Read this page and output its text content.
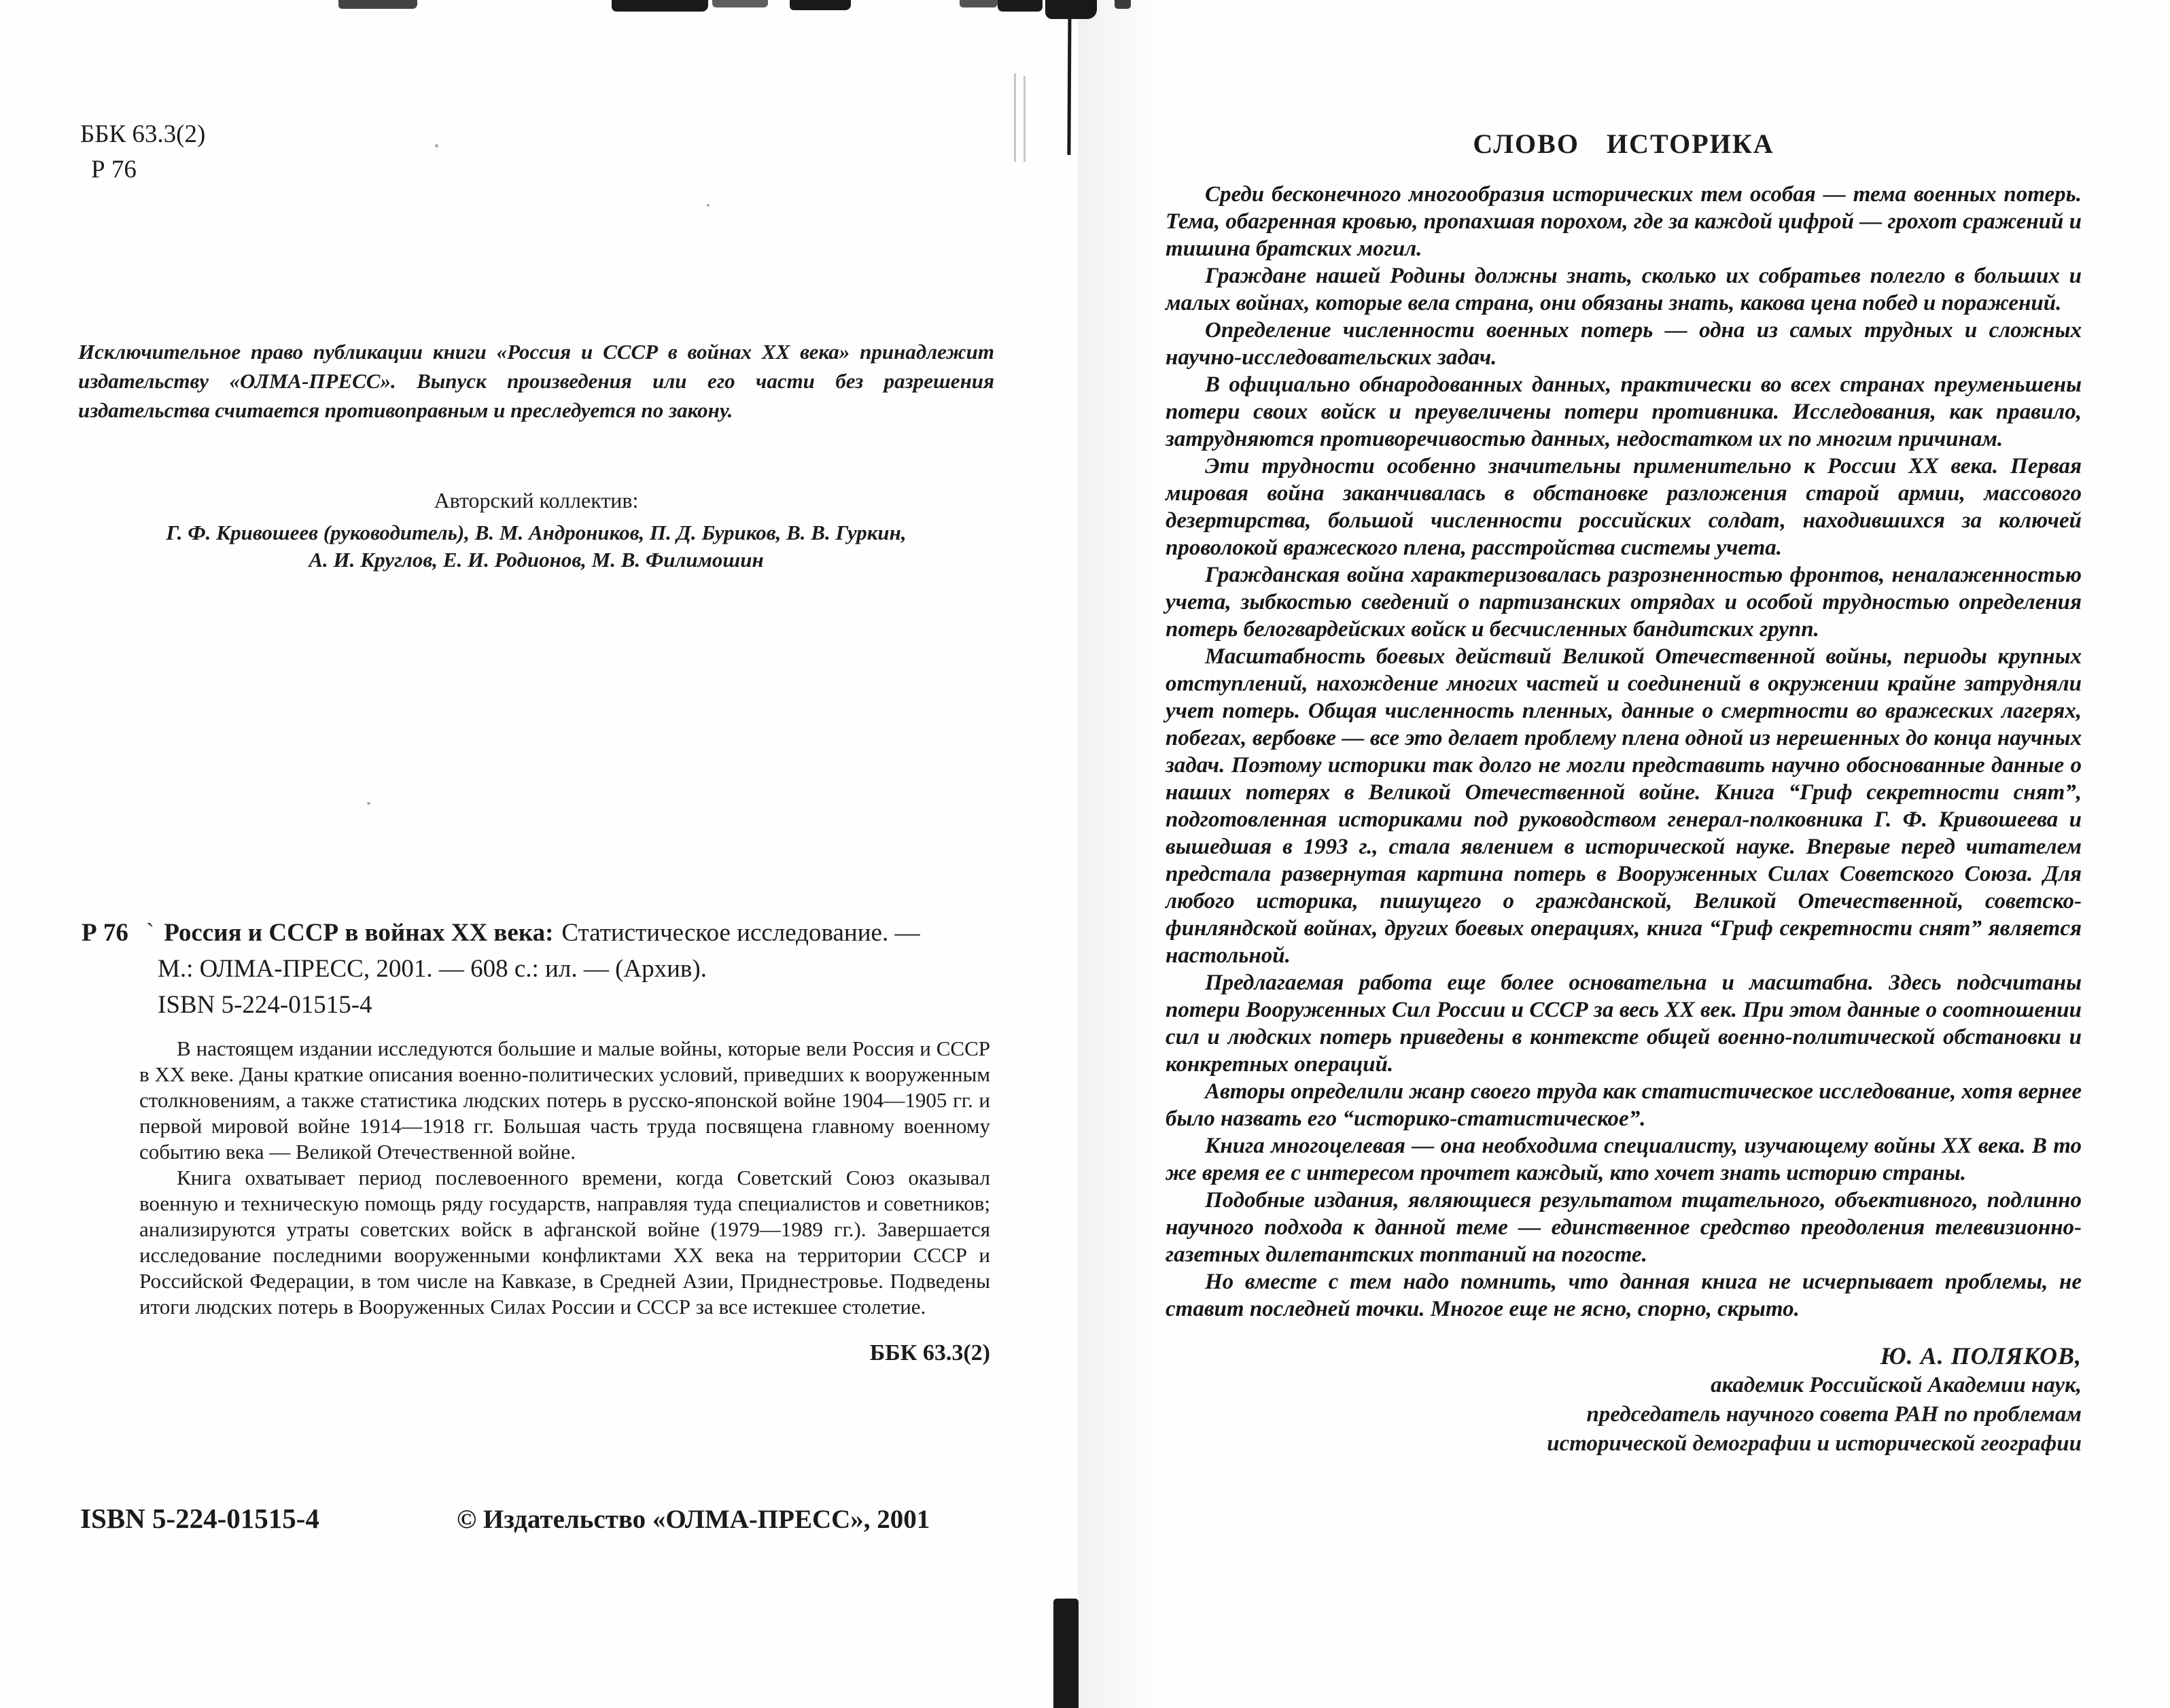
ББК 63.3(2)
Р 76

Исключительное право публикации книги «Россия и СССР в войнах XX века» принадлежит издательству «ОЛМА-ПРЕСС». Выпуск произведения или его части без разрешения издательства считается противоправным и преследуется по закону.

Авторский коллектив:
Г. Ф. Кривошеев (руководитель), В. М. Андроников, П. Д. Буриков, В. В. Гуркин,
А. И. Круглов, Е. И. Родионов, М. В. Филимошин
Р 76 ` Россия и СССР в войнах XX века: Статистическое исследование. —
М.: ОЛМА-ПРЕСС, 2001. — 608 с.: ил. — (Архив).
ISBN 5-224-01515-4

В настоящем издании исследуются большие и малые войны, которые вели Россия и СССР в XX веке. Даны краткие описания военно-политических условий, приведших к вооруженным столкновениям, а также статистика людских потерь в русско-японской войне 1904—1905 гг. и первой мировой войне 1914—1918 гг. Большая часть труда посвящена главному военному событию века — Великой Отечественной войне.

Книга охватывает период послевоенного времени, когда Советский Союз оказывал военную и техническую помощь ряду государств, направляя туда специалистов и советников; анализируются утраты советских войск в афганской войне (1979—1989 гг.). Завершается исследование последними вооруженными конфликтами XX века на территории СССР и Российской Федерации, в том числе на Кавказе, в Средней Азии, Приднестровье. Подведены итоги людских потерь в Вооруженных Силах России и СССР за все истекшее столетие.

ББК 63.3(2)
ISBN 5-224-01515-4	© Издательство «ОЛМА-ПРЕСС», 2001
СЛОВО ИСТОРИКА

Среди бесконечного многообразия исторических тем особая — тема военных потерь. Тема, обагренная кровью, пропахшая порохом, где за каждой цифрой — грохот сражений и тишина братских могил.

Граждане нашей Родины должны знать, сколько их собратьев полегло в больших и малых войнах, которые вела страна, они обязаны знать, какова цена побед и поражений.

Определение численности военных потерь — одна из самых трудных и сложных научно-исследовательских задач.

В официально обнародованных данных, практически во всех странах преуменьшены потери своих войск и преувеличены потери противника. Исследования, как правило, затрудняются противоречивостью данных, недостатком их по многим причинам.

Эти трудности особенно значительны применительно к России XX века. Первая мировая война заканчивалась в обстановке разложения старой армии, массового дезертирства, большой численности российских солдат, находившихся за колючей проволокой вражеского плена, расстройства системы учета.

Гражданская война характеризовалась разрозненностью фронтов, неналаженностью учета, зыбкостью сведений о партизанских отрядах и особой трудностью определения потерь белогвардейских войск и бесчисленных бандитских групп.

Масштабность боевых действий Великой Отечественной войны, периоды крупных отступлений, нахождение многих частей и соединений в окружении крайне затрудняли учет потерь. Общая численность пленных, данные о смертности во вражеских лагерях, побегах, вербовке — все это делает проблему плена одной из нерешенных до конца научных задач. Поэтому историки так долго не могли представить научно обоснованные данные о наших потерях в Великой Отечественной войне. Книга “Гриф секретности снят”, подготовленная историками под руководством генерал-полковника Г. Ф. Кривошеева и вышедшая в 1993 г., стала явлением в исторической науке. Впервые перед читателем предстала развернутая картина потерь в Вооруженных Силах Советского Союза. Для любого историка, пишущего о гражданской, Великой Отечественной, советско-финляндской войнах, других боевых операциях, книга “Гриф секретности снят” является настольной.

Предлагаемая работа еще более основательна и масштабна. Здесь подсчитаны потери Вооруженных Сил России и СССР за весь XX век. При этом данные о соотношении сил и людских потерь приведены в контексте общей военно-политической обстановки и конкретных операций.

Авторы определили жанр своего труда как статистическое исследование, хотя вернее было назвать его “историко-статистическое”.

Книга многоцелевая — она необходима специалисту, изучающему войны XX века. В то же время ее с интересом прочтет каждый, кто хочет знать историю страны.

Подобные издания, являющиеся результатом тщательного, объективного, подлинно научного подхода к данной теме — единственное средство преодоления телевизионно-газетных дилетантских топтаний на погосте.

Но вместе с тем надо помнить, что данная книга не исчерпывает проблемы, не ставит последней точки. Многое еще не ясно, спорно, скрыто.

Ю. А. ПОЛЯКОВ,
академик Российской Академии наук,
председатель научного совета РАН по проблемам
исторической демографии и исторической географии
